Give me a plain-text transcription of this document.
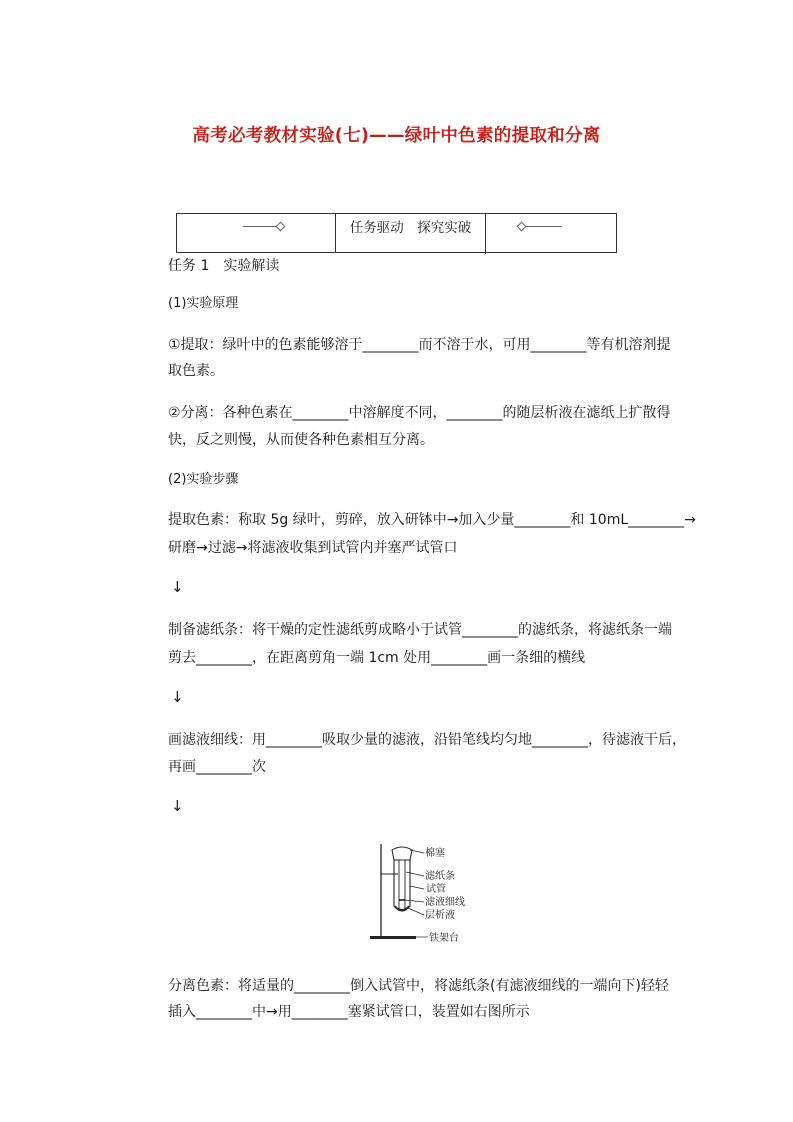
高考必考教材实验(七)——绿叶中色素的提取和分离
任务驱动　探究实破
任务 1　实验解读
(1)实验原理
①提取：绿叶中的色素能够溶于________而不溶于水，可用________等有机溶剂提
取色素。
②分离：各种色素在________中溶解度不同，________的随层析液在滤纸上扩散得
快，反之则慢，从而使各种色素相互分离。
(2)实验步骤
提取色素：称取 5g 绿叶，剪碎，放入研钵中→加入少量________和 10mL________→
研磨→过滤→将滤液收集到试管内并塞严试管口
↓
制备滤纸条：将干燥的定性滤纸剪成略小于试管________的滤纸条，将滤纸条一端
剪去________，在距离剪角一端 1cm 处用________画一条细的横线
↓
画滤液细线：用________吸取少量的滤液，沿铅笔线均匀地________，待滤液干后，
再画________次
↓
棉塞
滤纸条
试管
滤液细线
层析液
铁架台
分离色素：将适量的________倒入试管中，将滤纸条(有滤液细线的一端向下)轻轻
插入________中→用________塞紧试管口，装置如右图所示
